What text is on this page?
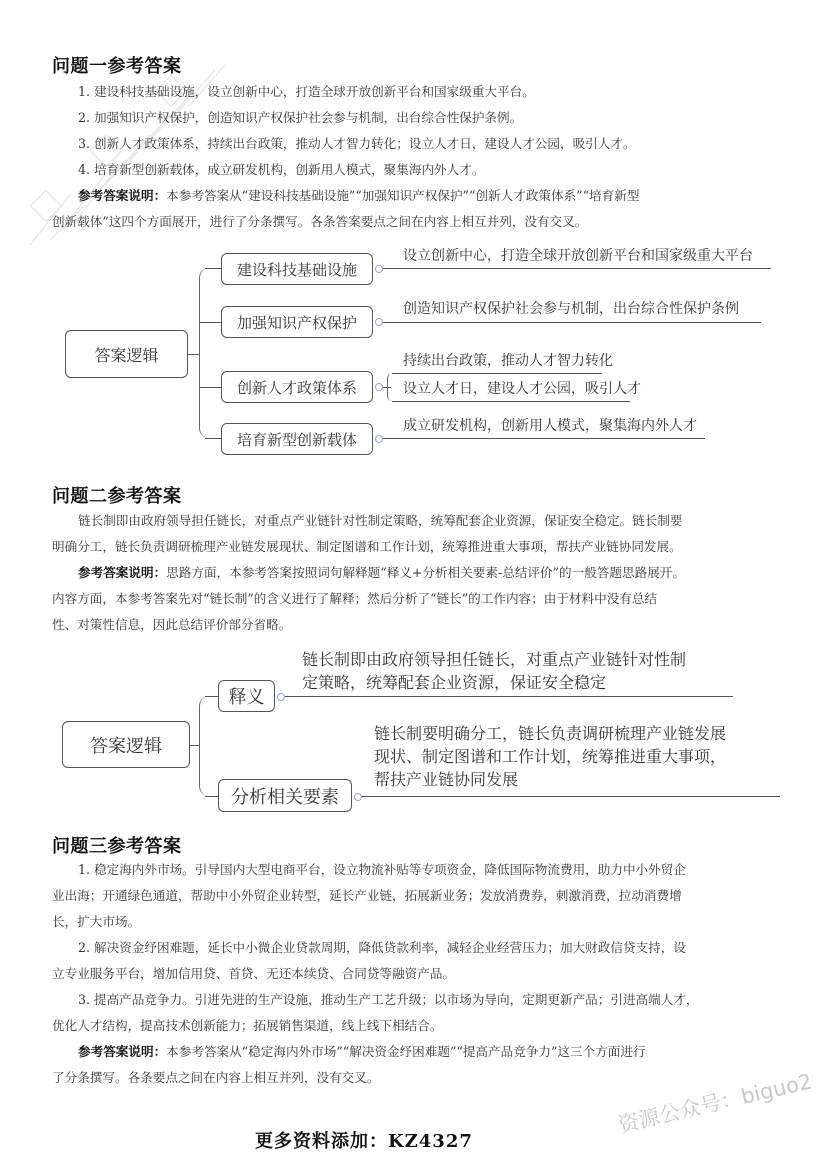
问题一参考答案
1. 建设科技基础设施，设立创新中心，打造全球开放创新平台和国家级重大平台。
2. 加强知识产权保护，创造知识产权保护社会参与机制，出台综合性保护条例。
3. 创新人才政策体系，持续出台政策，推动人才智力转化；设立人才日，建设人才公园，吸引人才。
4. 培育新型创新载体，成立研发机构，创新用人模式，聚集海内外人才。
参考答案说明：本参考答案从“建设科技基础设施”“加强知识产权保护”“创新人才政策体系”“培育新型
创新载体”这四个方面展开，进行了分条撰写。各条答案要点之间在内容上相互并列，没有交叉。
答案逻辑
建设科技基础设施
加强知识产权保护
创新人才政策体系
培育新型创新载体
设立创新中心，打造全球开放创新平台和国家级重大平台
创造知识产权保护社会参与机制，出台综合性保护条例
持续出台政策，推动人才智力转化
设立人才日，建设人才公园，吸引人才
成立研发机构，创新用人模式，聚集海内外人才
问题二参考答案
链长制即由政府领导担任链长，对重点产业链针对性制定策略，统筹配套企业资源，保证安全稳定。链长制要
明确分工，链长负责调研梳理产业链发展现状、制定图谱和工作计划，统筹推进重大事项，帮扶产业链协同发展。
参考答案说明：思路方面，本参考答案按照词句解释题“释义+分析相关要素-总结评价”的一般答题思路展开。
内容方面，本参考答案先对“链长制”的含义进行了解释；然后分析了“链长”的工作内容；由于材料中没有总结
性、对策性信息，因此总结评价部分省略。
答案逻辑
释义
分析相关要素
链长制即由政府领导担任链长，对重点产业链针对性制
定策略，统筹配套企业资源，保证安全稳定
链长制要明确分工，链长负责调研梳理产业链发展
现状、制定图谱和工作计划，统筹推进重大事项，
帮扶产业链协同发展
问题三参考答案
1. 稳定海内外市场。引导国内大型电商平台，设立物流补贴等专项资金，降低国际物流费用，助力中小外贸企
业出海；开通绿色通道，帮助中小外贸企业转型，延长产业链，拓展新业务；发放消费券，刺激消费，拉动消费增
长，扩大市场。
2. 解决资金纾困难题，延长中小微企业贷款周期，降低贷款利率，减轻企业经营压力；加大财政信贷支持，设
立专业服务平台，增加信用贷、首贷、无还本续贷、合同贷等融资产品。
3. 提高产品竞争力。引进先进的生产设施，推动生产工艺升级；以市场为导向，定期更新产品；引进高端人才，
优化人才结构，提高技术创新能力；拓展销售渠道，线上线下相结合。
参考答案说明：本参考答案从“稳定海内外市场”“解决资金纾困难题”“提高产品竞争力”这三个方面进行
了分条撰写。各条要点之间在内容上相互并列，没有交叉。
更多资料添加：KZ4327
资源公众号：biguo2
